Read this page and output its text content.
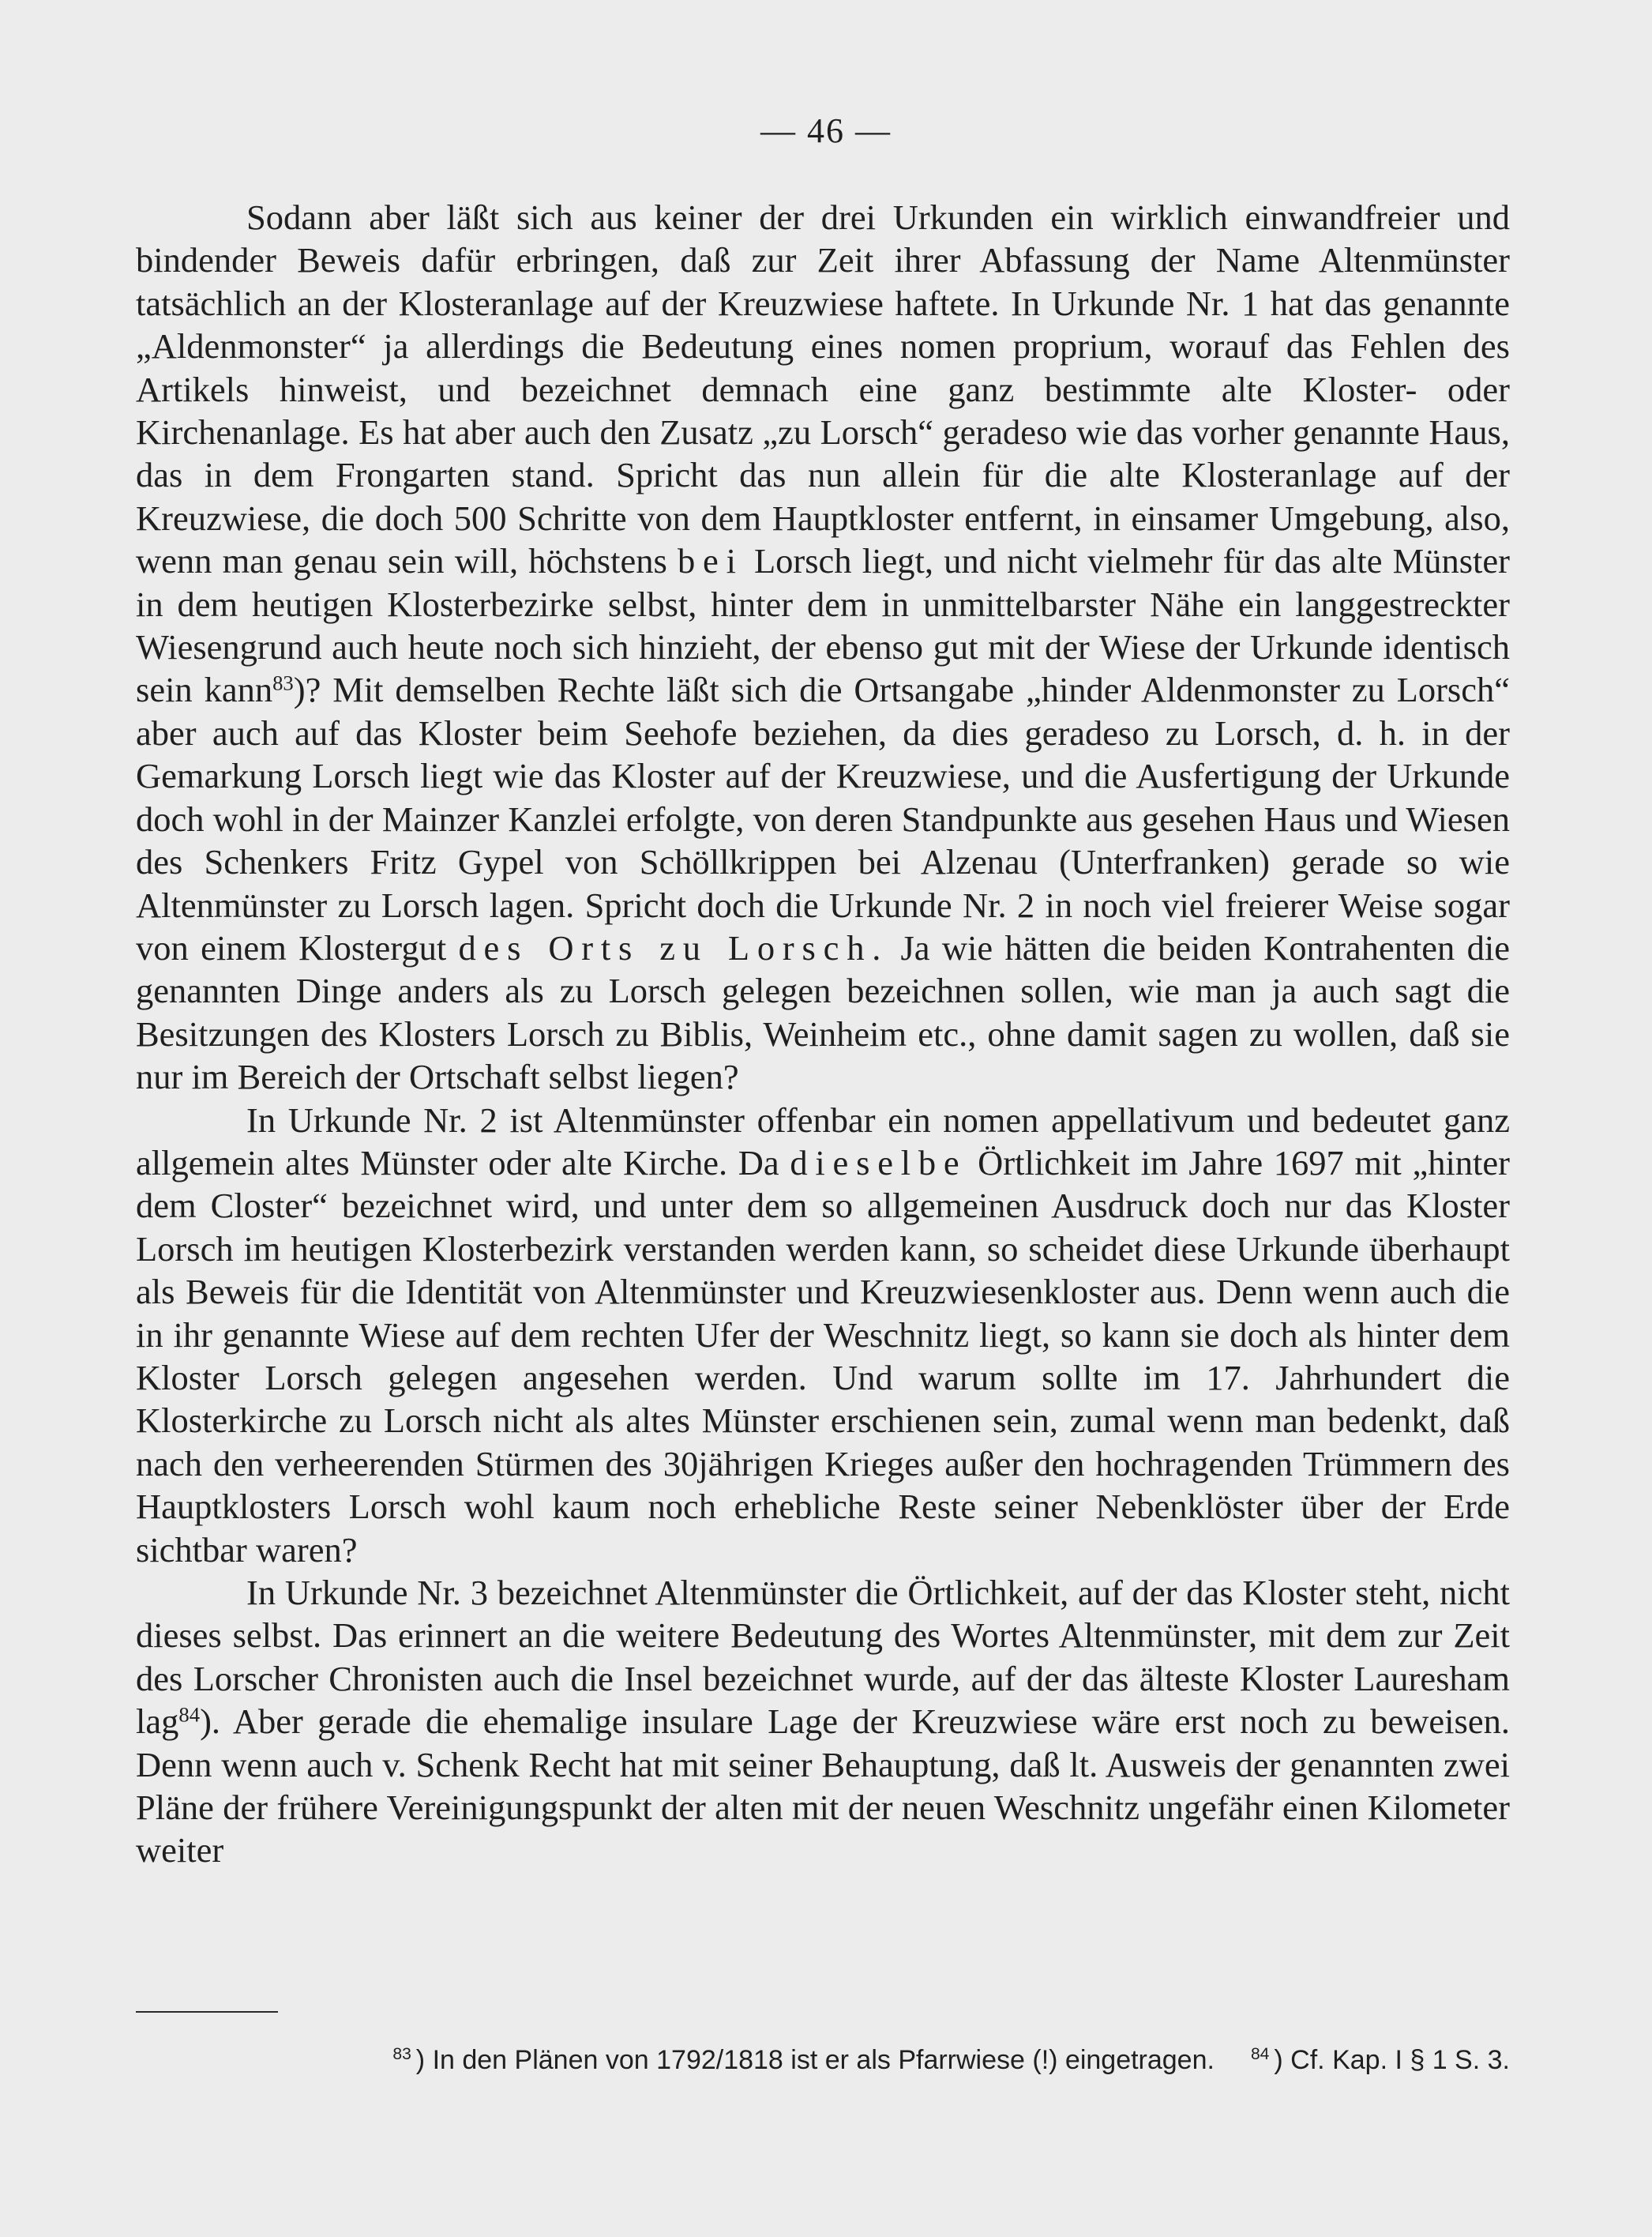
— 46 —

Sodann aber läßt sich aus keiner der drei Urkunden ein wirklich einwandfreier und bindender Beweis dafür erbringen, daß zur Zeit ihrer Abfassung der Name Altenmünster tatsächlich an der Klosteranlage auf der Kreuzwiese haftete. In Urkunde Nr. 1 hat das genannte „Aldenmonster“ ja allerdings die Bedeutung eines nomen proprium, worauf das Fehlen des Artikels hinweist, und bezeichnet demnach eine ganz bestimmte alte Kloster- oder Kirchenanlage. Es hat aber auch den Zusatz „zu Lorsch“ geradeso wie das vorher genannte Haus, das in dem Frongarten stand. Spricht das nun allein für die alte Klosteranlage auf der Kreuzwiese, die doch 500 Schritte von dem Hauptkloster entfernt, in einsamer Umgebung, also, wenn man genau sein will, höchstens bei Lorsch liegt, und nicht vielmehr für das alte Münster in dem heutigen Klosterbezirke selbst, hinter dem in unmittelbarster Nähe ein langgestreckter Wiesengrund auch heute noch sich hinzieht, der ebenso gut mit der Wiese der Urkunde identisch sein kann$^{83}$)? Mit demselben Rechte läßt sich die Ortsangabe „hinder Aldenmonster zu Lorsch“ aber auch auf das Kloster beim Seehofe beziehen, da dies geradeso zu Lorsch, d. h. in der Gemarkung Lorsch liegt wie das Kloster auf der Kreuzwiese, und die Ausfertigung der Urkunde doch wohl in der Mainzer Kanzlei erfolgte, von deren Standpunkte aus gesehen Haus und Wiesen des Schenkers Fritz Gypel von Schöllkrippen bei Alzenau (Unterfranken) gerade so wie Altenmünster zu Lorsch lagen. Spricht doch die Urkunde Nr. 2 in noch viel freierer Weise sogar von einem Klostergut des Orts zu Lorsch. Ja wie hätten die beiden Kontrahenten die genannten Dinge anders als zu Lorsch gelegen bezeichnen sollen, wie man ja auch sagt die Besitzungen des Klosters Lorsch zu Biblis, Weinheim etc., ohne damit sagen zu wollen, daß sie nur im Bereich der Ortschaft selbst liegen?

In Urkunde Nr. 2 ist Altenmünster offenbar ein nomen appellativum und bedeutet ganz allgemein altes Münster oder alte Kirche. Da dieselbe Örtlichkeit im Jahre 1697 mit „hinter dem Closter“ bezeichnet wird, und unter dem so allgemeinen Ausdruck doch nur das Kloster Lorsch im heutigen Klosterbezirk verstanden werden kann, so scheidet diese Urkunde überhaupt als Beweis für die Identität von Altenmünster und Kreuzwiesenkloster aus. Denn wenn auch die in ihr genannte Wiese auf dem rechten Ufer der Weschnitz liegt, so kann sie doch als hinter dem Kloster Lorsch gelegen angesehen werden. Und warum sollte im 17. Jahrhundert die Klosterkirche zu Lorsch nicht als altes Münster erschienen sein, zumal wenn man bedenkt, daß nach den verheerenden Stürmen des 30jährigen Krieges außer den hochragenden Trümmern des Hauptklosters Lorsch wohl kaum noch erhebliche Reste seiner Nebenklöster über der Erde sichtbar waren?

In Urkunde Nr. 3 bezeichnet Altenmünster die Örtlichkeit, auf der das Kloster steht, nicht dieses selbst. Das erinnert an die weitere Bedeutung des Wortes Altenmünster, mit dem zur Zeit des Lorscher Chronisten auch die Insel bezeichnet wurde, auf der das älteste Kloster Lauresham lag$^{84}$). Aber gerade die ehemalige insulare Lage der Kreuzwiese wäre erst noch zu beweisen. Denn wenn auch v. Schenk Recht hat mit seiner Behauptung, daß lt. Ausweis der genannten zwei Pläne der frühere Vereinigungspunkt der alten mit der neuen Weschnitz ungefähr einen Kilometer weiter

$^{83}$ ) In den Plänen von 1792/1818 ist er als Pfarrwiese (!) eingetragen. $^{84}$ ) Cf. Kap. I § 1 S. 3.
